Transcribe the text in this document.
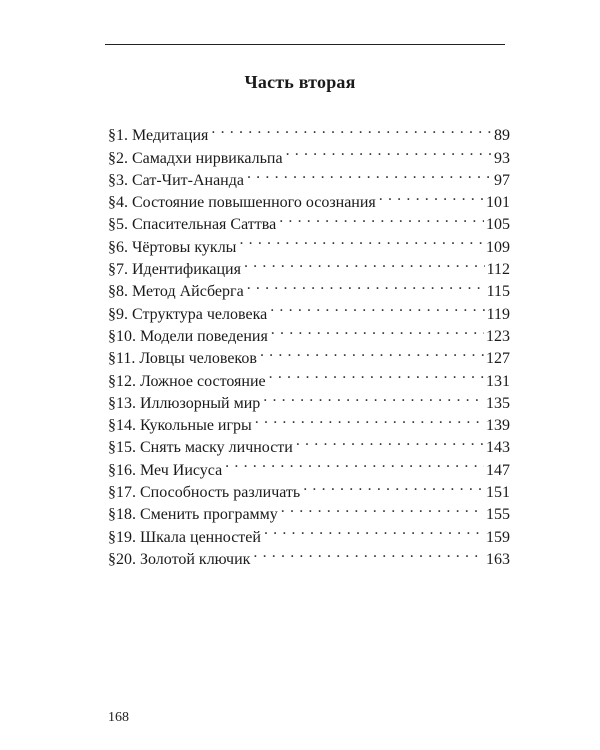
Часть вторая
§1. Медитация . . .	89
§2. Самадхи нирвикальпа . . .	93
§3. Сат-Чит-Ананда . . .	97
§4. Состояние повышенного осознания . . .	101
§5. Спасительная Саттва . . .	105
§6. Чёртовы куклы . . .	109
§7. Идентификация . . .	112
§8. Метод Айсберга . . .	115
§9. Структура человека . . .	119
§10. Модели поведения . . .	123
§11. Ловцы человеков . . .	127
§12. Ложное состояние . . .	131
§13. Иллюзорный мир . . .	135
§14. Кукольные игры . . .	139
§15. Снять маску личности . . .	143
§16. Меч Иисуса . . .	147
§17. Способность различать . . .	151
§18. Сменить программу . . .	155
§19. Шкала ценностей . . .	159
§20. Золотой ключик . . .	163
168
